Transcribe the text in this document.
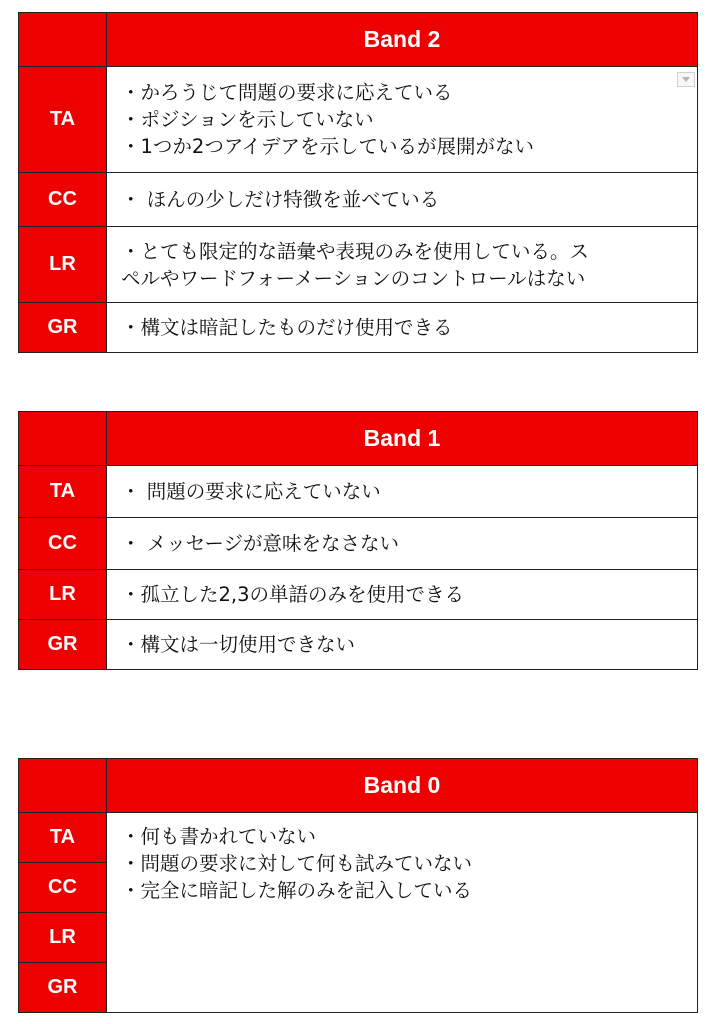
	Band 2
TA	・かろうじて問題の要求に応えている
・ポジションを示していない
・1つか2つアイデアを示しているが展開がない

CC	・ ほんの少しだけ特徴を並べている

LR	・とても限定的な語彙や表現のみを使用している。ス
ペルやワードフォーメーションのコントロールはない

GR	・構文は暗記したものだけ使用できる
	Band 1
TA	・ 問題の要求に応えていない

CC	・ メッセージが意味をなさない

LR	・孤立した2,3の単語のみを使用できる

GR	・構文は一切使用できない
	Band 0
TA	・何も書かれていない
・問題の要求に対して何も試みていない
・完全に暗記した解のみを記入している

CC	
LR	
GR	
